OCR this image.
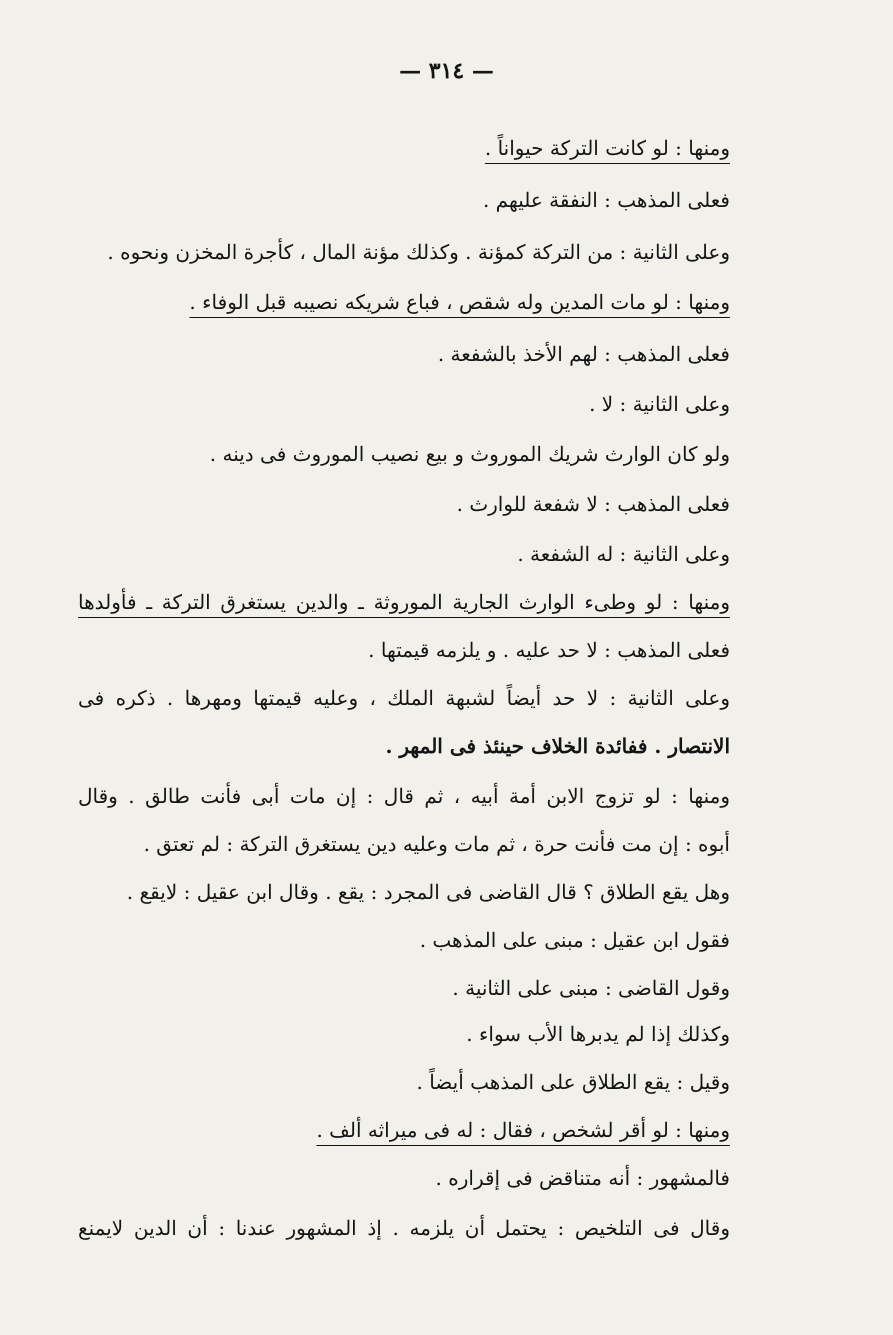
— ٣١٤ —
ومنها : لو كانت التركة حيواناً .
فعلى المذهب : النفقة عليهم .
وعلى الثانية : من التركة كمؤنة . وكذلك مؤنة المال ، كأجرة المخزن ونحوه .
ومنها : لو مات المدين وله شقص ، فباع شريكه نصيبه قبل الوفاء .
فعلى المذهب : لهم الأخذ بالشفعة .
وعلى الثانية : لا .
ولو كان الوارث شريك الموروث و بيع نصيب الموروث فى دينه .
فعلى المذهب : لا شفعة للوارث .
وعلى الثانية : له الشفعة .
ومنها : لو وطىء الوارث الجارية الموروثة ـ والدين يستغرق التركة ـ فأولدها
فعلى المذهب : لا حد عليه . و يلزمه قيمتها .
وعلى الثانية : لا حد أيضاً لشبهة الملك ، وعليه قيمتها ومهرها . ذكره فى
الانتصار . ففائدة الخلاف حينئذ فى المهر .
ومنها : لو تزوج الابن أمة أبيه ، ثم قال : إن مات أبى فأنت طالق . وقال
أبوه : إن مت فأنت حرة ، ثم مات وعليه دين يستغرق التركة : لم تعتق .
وهل يقع الطلاق ؟ قال القاضى فى المجرد : يقع . وقال ابن عقيل : لايقع .
فقول ابن عقيل : مبنى على المذهب .
وقول القاضى : مبنى على الثانية .
وكذلك إذا لم يدبرها الأب سواء .
وقيل : يقع الطلاق على المذهب أيضاً .
ومنها : لو أقر لشخص ، فقال : له فى ميراثه ألف .
فالمشهور : أنه متناقض فى إقراره .
وقال فى التلخيص : يحتمل أن يلزمه . إذ المشهور عندنا : أن الدين لايمنع
